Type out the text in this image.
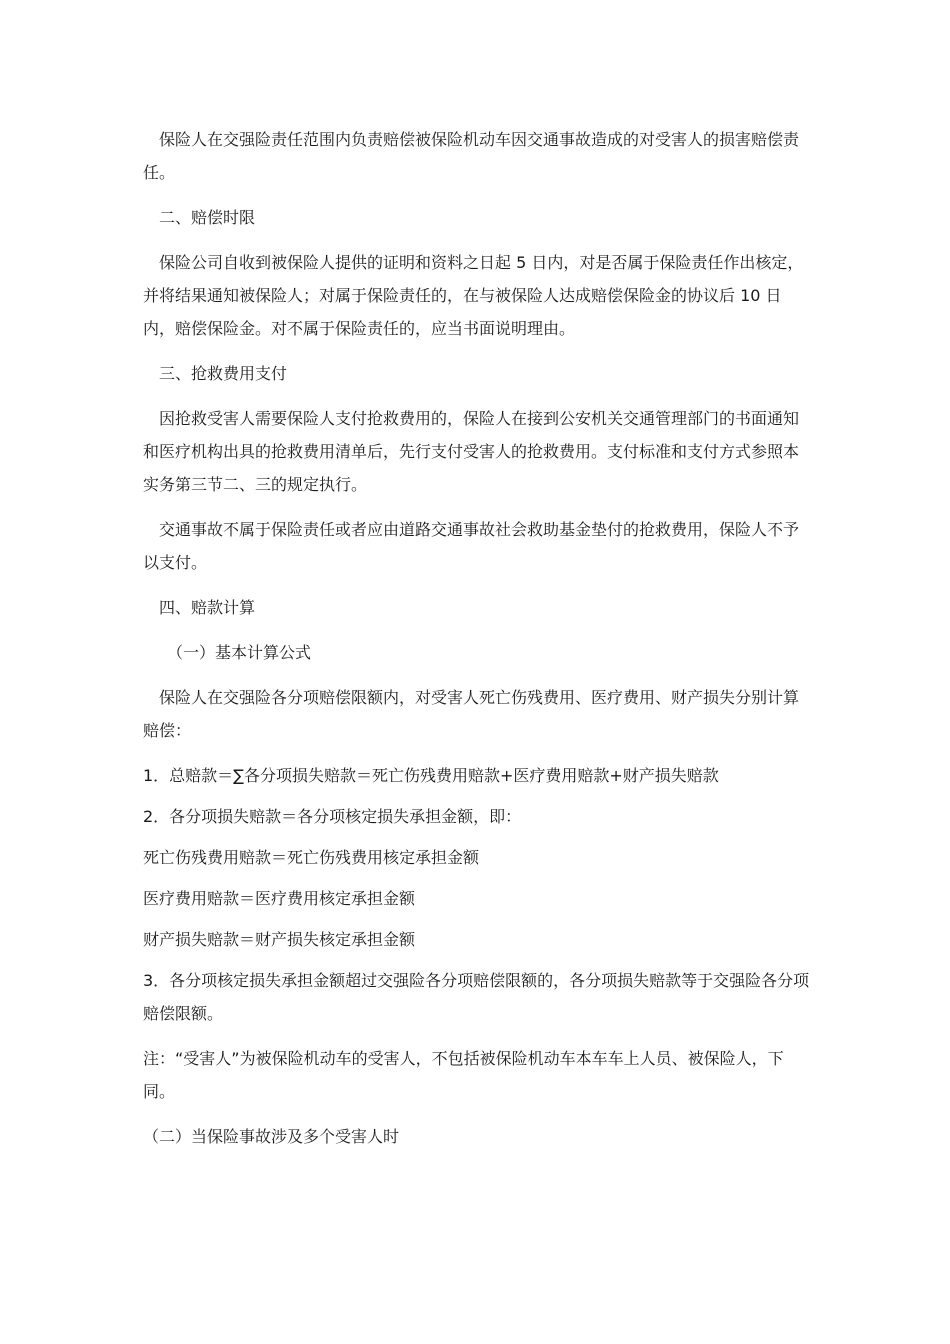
保险人在交强险责任范围内负责赔偿被保险机动车因交通事故造成的对受害人的损害赔偿责任。

二、赔偿时限

保险公司自收到被保险人提供的证明和资料之日起 5 日内，对是否属于保险责任作出核定，并将结果通知被保险人；对属于保险责任的，在与被保险人达成赔偿保险金的协议后 10 日内，赔偿保险金。对不属于保险责任的，应当书面说明理由。

三、抢救费用支付

因抢救受害人需要保险人支付抢救费用的，保险人在接到公安机关交通管理部门的书面通知和医疗机构出具的抢救费用清单后，先行支付受害人的抢救费用。支付标准和支付方式参照本实务第三节二、三的规定执行。

交通事故不属于保险责任或者应由道路交通事故社会救助基金垫付的抢救费用，保险人不予以支付。

四、赔款计算

（一）基本计算公式

保险人在交强险各分项赔偿限额内，对受害人死亡伤残费用、医疗费用、财产损失分别计算赔偿：

1．总赔款＝∑各分项损失赔款＝死亡伤残费用赔款+医疗费用赔款+财产损失赔款

2．各分项损失赔款＝各分项核定损失承担金额，即：

死亡伤残费用赔款＝死亡伤残费用核定承担金额

医疗费用赔款＝医疗费用核定承担金额

财产损失赔款＝财产损失核定承担金额

3．各分项核定损失承担金额超过交强险各分项赔偿限额的，各分项损失赔款等于交强险各分项赔偿限额。

注：“受害人”为被保险机动车的受害人，不包括被保险机动车本车车上人员、被保险人，下同。

（二）当保险事故涉及多个受害人时
